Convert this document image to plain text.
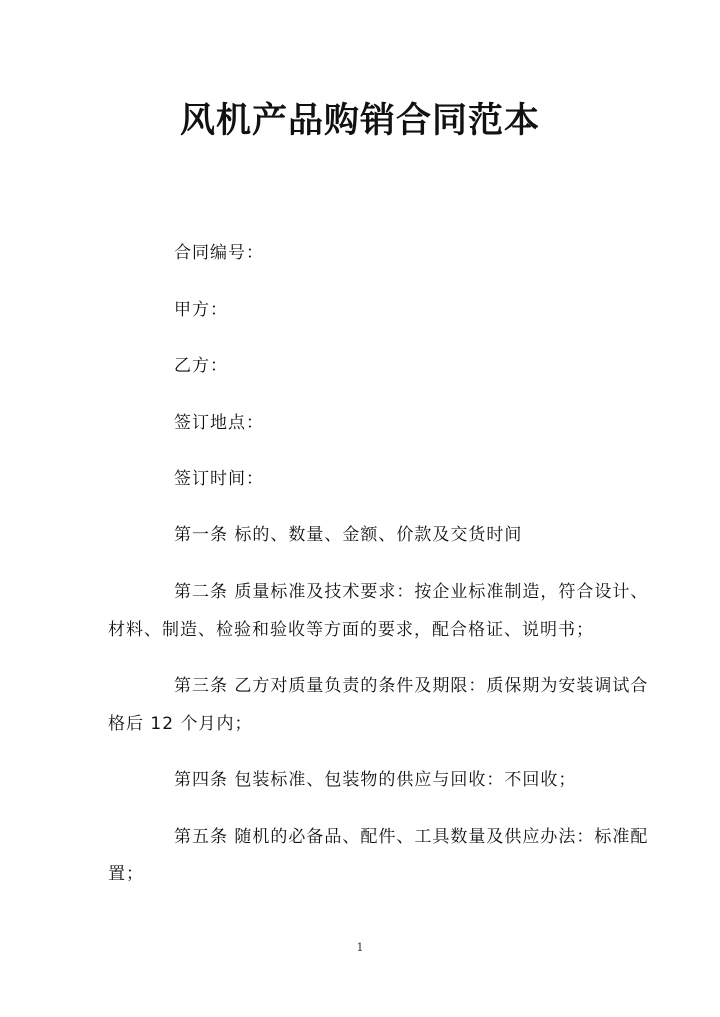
风机产品购销合同范本
合同编号：
甲方：
乙方：
签订地点：
签订时间：
第一条 标的、数量、金额、价款及交货时间
第二条 质量标准及技术要求：按企业标准制造，符合设计、
材料、制造、检验和验收等方面的要求，配合格证、说明书；
第三条 乙方对质量负责的条件及期限：质保期为安装调试合
格后 12 个月内；
第四条 包装标准、包装物的供应与回收：不回收；
第五条 随机的必备品、配件、工具数量及供应办法：标准配
置；
1
